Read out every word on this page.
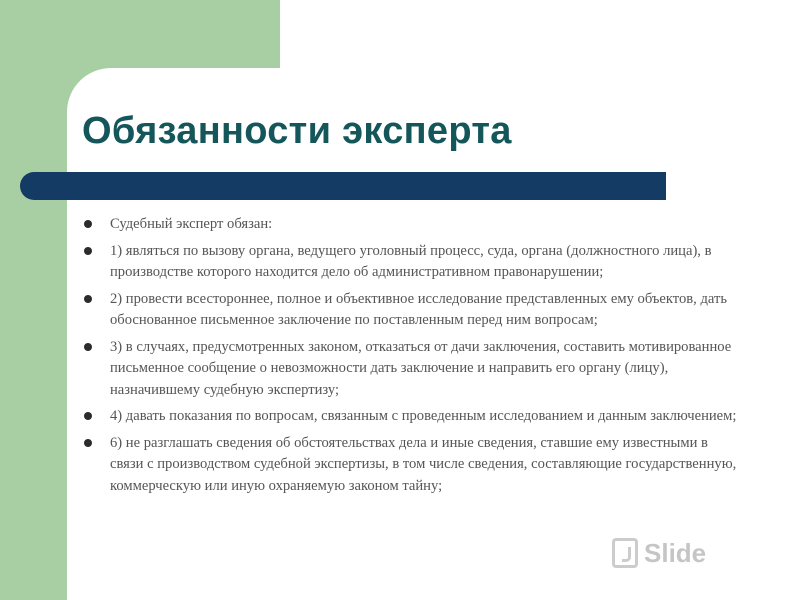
Обязанности эксперта
Судебный эксперт обязан:
1) являться по вызову органа, ведущего уголовный процесс, суда, органа (должностного лица), в производстве которого находится дело об административном правонарушении;
2) провести всестороннее, полное и объективное исследование представленных ему объектов, дать обоснованное письменное заключение по поставленным перед ним вопросам;
3) в случаях, предусмотренных законом, отказаться от дачи заключения, составить мотивированное письменное сообщение о невозможности дать заключение и направить его органу (лицу), назначившему судебную экспертизу;
4) давать показания по вопросам, связанным с проведенным исследованием и данным заключением;
6) не разглашать сведения об обстоятельствах дела и иные сведения, ставшие ему известными в связи с производством судебной экспертизы, в том числе сведения, составляющие государственную, коммерческую или иную охраняемую законом тайну;
Slide
